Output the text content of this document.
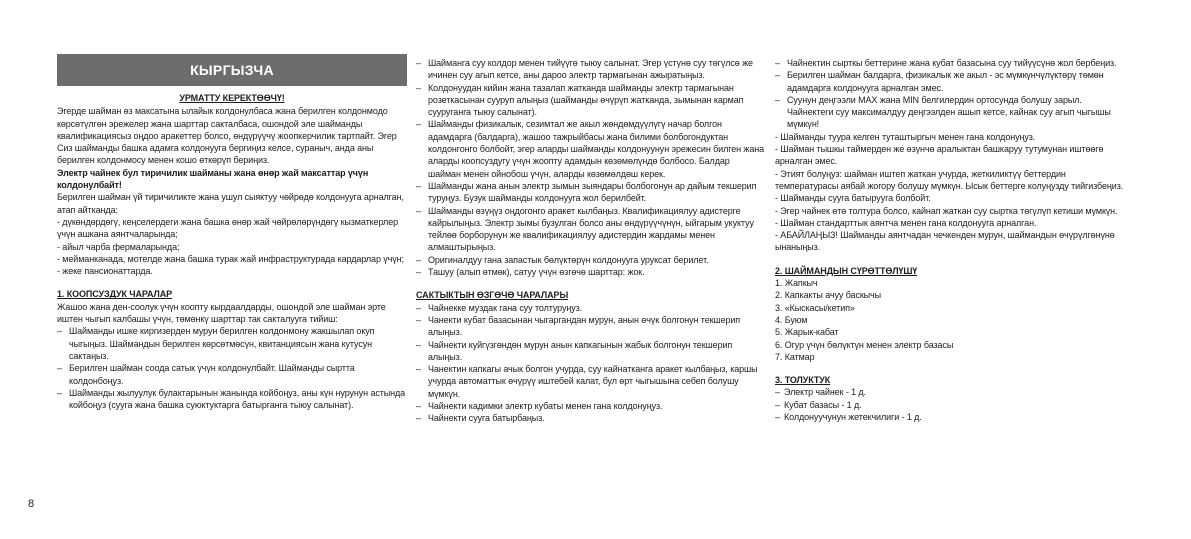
КЫРГЫЗЧА
УРМАТТУ КЕРЕКТӨӨЧҮ!

Эгерде шайман өз максатына ылайык колдонулбаса жана берилген колдонмодо көрсөтүлгөн эрежелер жана шарттар сакталбаса, ошондой эле шайманды квалификациясыз оңдоо аракеттер болсо, өндүрүүчү жоопкерчилик тартпайт. Эгер Сиз шайманды башка адамга колдонууга бергиңиз келсе, сураныч, анда аны берилген колдонмосу менен кошо өткөрүп бериңиз.

Электр чайнек бул тиричилик шайманы жана өнөр жай максаттар үчүн колдонулбайт!

Берилген шайман үй тиричиликте жана ушул сыяктуу чөйрөдө колдонууга арналган, атап айтканда:

- дүкөндөрдөгү, кеңселердеги жана башка өнөр жай чөйрөлөрүндөгү кызматкерлер үчүн ашкана аянтчаларында;

- айыл чарба фермаларында;

- мейманканада, мотелде жана башка турак жай инфраструктурада кардарлар үчүн;

- жеке пансионаттарда.

1. КООПСУЗДУК ЧАРАЛАР

Жашоо жана ден-соолук үчүн коопту кырдаалдарды, ошондой эле шайман эрте иштен чыгып калбашы үчүн, төмөнкү шарттар так сакталууга тийиш:

– Шайманды ишке киргизерден мурун берилген колдонмону жакшылап окуп чыгыңыз. Шаймандын берилген көрсөтмөсүн, квитанциясын жана кутусун сактаңыз.
– Берилген шайман соода сатык үчүн колдонулбайт. Шайманды сыртта колдонбоңуз.
– Шайманды жылуулук булактарынын жанында койбоңуз, аны күн нурунун астында койбоңуз (сууга жана башка суюктуктарга батырганга тыюу салынат).
– Шайманга суу колдор менен тийүүгө тыюу салынат. Эгер үстүнө суу төгүлсө же ичинен суу агып кетсе, аны дароо электр тармагынан ажыратыңыз.
– Колдонуудан кийин жана тазалап жатканда шайманды электр тармагынан розеткасынан сууруп алыңыз (шайманды өчүрүп жатканда, зымынан кармап сууруганга тыюу салынат).
– Шайманды физикалык, сезимтал же акыл жөндөмдүүлүгү начар болгон адамдарга (балдарга), жашоо тажрыйбасы жана билими болбогондуктан колдонгонго болбойт, эгер аларды шайманды колдонуунун эрежесин билген жана аларды коопсуздугу үчүн жоопту адамдын көзөмөлүндө болбосо. Балдар шайман менен ойнобош үчүн, аларды көзөмөлдөш керек.
– Шайманды жана анын электр зымын зыяндары болбогонун ар дайым текшерип туруңуз. Бузук шайманды колдонууга жол берилбейт.
– Шайманды өзүңүз оңдогонго аракет кылбаңыз. Квалификациялуу адистерге кайрылыңыз. Электр зымы бузулган болсо аны өндүрүүчүнүн, ыйгарым укуктуу тейлөө борборунун же квалификациялуу адистердин жардамы менен алмаштырыңыз.
– Оригиналдуу гана запастык бөлүктөрүн колдонууга уруксат берилет.
– Ташуу (алып өтмөк), сатуу үчүн өзгөчө шарттар: жок.

САКТЫКТЫН ӨЗГӨЧӨ ЧАРАЛАРЫ

– Чайнекке муздак гана суу толтуруңуз.
– Чанекти кубат базасынан чыгаргандан мурун, анын өчүк болгонун текшерип алыңыз.
– Чайнекти куйгүзгөндөн мурун анын капкагынын жабык болгонун текшерип алыңыз.
– Чанектин капкагы ачык болгон учурда, суу кайнатканга аракет кылбаңыз, каршы учурда автоматтык өчүрүү иштебей калат, бул өрт чыгышына себеп болушу мүмкүн.
– Чайнекти кадимки электр кубаты менен гана колдонуңуз.
– Чайнекти сууга батырбаңыз.
– Чайнектин сырткы беттерине жана кубат базасына суу тийүүсүнө жол бербеңиз.
– Берилген шайман балдарга, физикалык же акыл - эс мүмкүнчүлүктөрү төмөн адамдарга колдонууга арналган эмес.
– Суунун деңгээли MAX жана MIN белгилердин ортосунда болушу зарыл. Чайнектеги суу максималдуу деңгээлден ашып кетсе, кайнак суу агып чыгышы мүмкүн!

- Шайманды туура келген туташтыргыч менен гана колдонуңуз.

- Шайман тышкы таймерден же өзүнчө аралыктан башкаруу тутумунан иштөөгө арналган эмес.

- Этият болуңуз: шайман иштеп жаткан учурда, жеткиликтүү беттердин температурасы аябай жогору болушу мүмкүн. Ысык беттерге колуңузду тийгизбеңиз.

- Шайманды сууга батырууга болбойт.

- Эгер чайнек өтө толтура болсо, кайнап жаткан суу сыртка төгүлүп кетиши мүмкүн.

- Шайман стандарттык аянтча менен гана колдонууга арналган.

- АБАЙЛАҢЫЗ! Шайманды аянтчадан чечкенден мурун, шаймандын өчүрүлгөнүнө ынаныңыз.

2. ШАЙМАНДЫН СҮРӨТТӨЛҮШҮ

1. Жапкыч

2. Капкакты ачуу баскычы

3. «Кыскасы/кетип»

4. Буюм

5. Жарык-кабат

6. Огур үчүн бөлүктүн менен электр базасы

7. Катмар

3. ТОЛУКТУК

– Электр чайнек - 1 д.
– Кубат базасы - 1 д.
– Колдонуучунун жетекчилиги - 1 д.
8
